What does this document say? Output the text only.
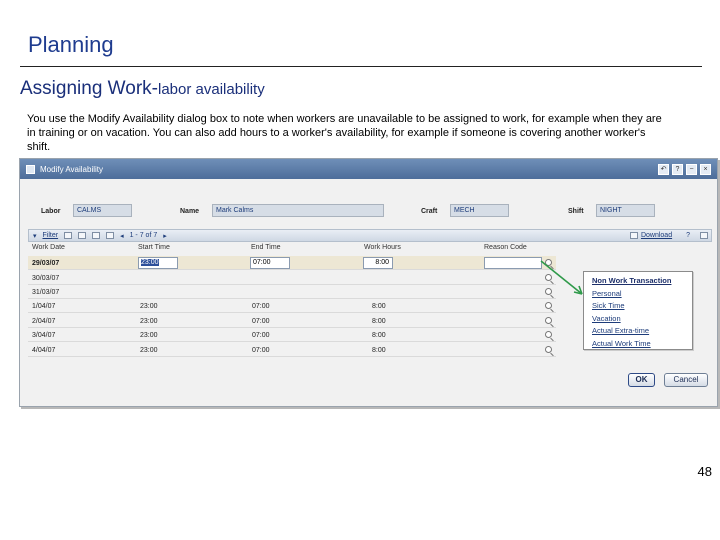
Planning
Assigning Work-labor availability
You use the Modify Availability dialog box to note when workers are unavailable to be assigned to work, for example when they are in training or on vacation. You can also add hours to a worker's availability, for example if someone is covering another worker's shift.
48
Modify Availability	↶	?	−	×
Labor	CALMS	Name	Mark Calms	Craft	MECH	Shift	NIGHT
▾ Filter	◂ 1 - 7 of 7 ▸	Download ?
Work Date	Start Time	End Time	Work Hours	Reason Code
29/03/07	23:00	07:00	8:00
30/03/07
31/03/07
1/04/07	23:00	07:00	8:00
2/04/07	23:00	07:00	8:00
3/04/07	23:00	07:00	8:00
4/04/07	23:00	07:00	8:00
Non Work Transaction
Personal
Sick Time
Vacation
Actual Extra-time
Actual Work Time
OK	Cancel
